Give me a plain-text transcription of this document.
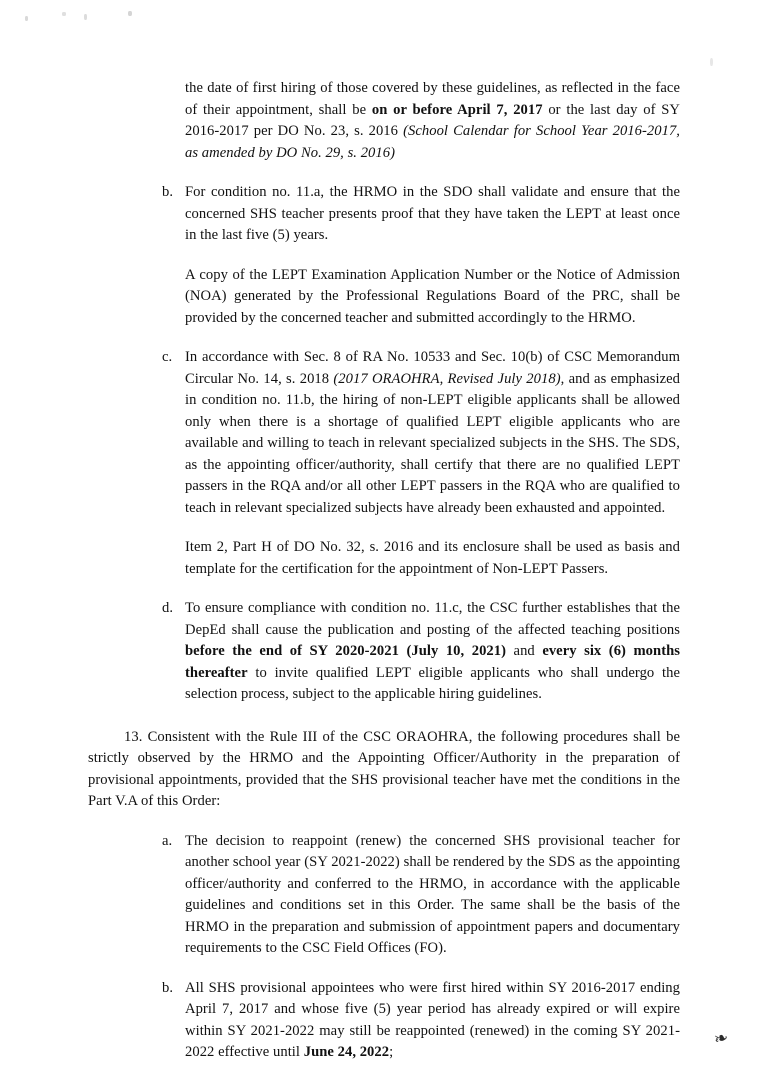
the date of first hiring of those covered by these guidelines, as reflected in the face of their appointment, shall be on or before April 7, 2017 or the last day of SY 2016-2017 per DO No. 23, s. 2016 (School Calendar for School Year 2016-2017, as amended by DO No. 29, s. 2016)

b. For condition no. 11.a, the HRMO in the SDO shall validate and ensure that the concerned SHS teacher presents proof that they have taken the LEPT at least once in the last five (5) years.

A copy of the LEPT Examination Application Number or the Notice of Admission (NOA) generated by the Professional Regulations Board of the PRC, shall be provided by the concerned teacher and submitted accordingly to the HRMO.

c. In accordance with Sec. 8 of RA No. 10533 and Sec. 10(b) of CSC Memorandum Circular No. 14, s. 2018 (2017 ORAOHRA, Revised July 2018), and as emphasized in condition no. 11.b, the hiring of non-LEPT eligible applicants shall be allowed only when there is a shortage of qualified LEPT eligible applicants who are available and willing to teach in relevant specialized subjects in the SHS. The SDS, as the appointing officer/authority, shall certify that there are no qualified LEPT passers in the RQA and/or all other LEPT passers in the RQA who are qualified to teach in relevant specialized subjects have already been exhausted and appointed.

Item 2, Part H of DO No. 32, s. 2016 and its enclosure shall be used as basis and template for the certification for the appointment of Non-LEPT Passers.

d. To ensure compliance with condition no. 11.c, the CSC further establishes that the DepEd shall cause the publication and posting of the affected teaching positions before the end of SY 2020-2021 (July 10, 2021) and every six (6) months thereafter to invite qualified LEPT eligible applicants who shall undergo the selection process, subject to the applicable hiring guidelines.

13. Consistent with the Rule III of the CSC ORAOHRA, the following procedures shall be strictly observed by the HRMO and the Appointing Officer/Authority in the preparation of provisional appointments, provided that the SHS provisional teacher have met the conditions in the Part V.A of this Order:

a. The decision to reappoint (renew) the concerned SHS provisional teacher for another school year (SY 2021-2022) shall be rendered by the SDS as the appointing officer/authority and conferred to the HRMO, in accordance with the applicable guidelines and conditions set in this Order. The same shall be the basis of the HRMO in the preparation and submission of appointment papers and documentary requirements to the CSC Field Offices (FO).

b. All SHS provisional appointees who were first hired within SY 2016-2017 ending April 7, 2017 and whose five (5) year period has already expired or will expire within SY 2021-2022 may still be reappointed (renewed) in the coming SY 2021-2022 effective until June 24, 2022;

❧
